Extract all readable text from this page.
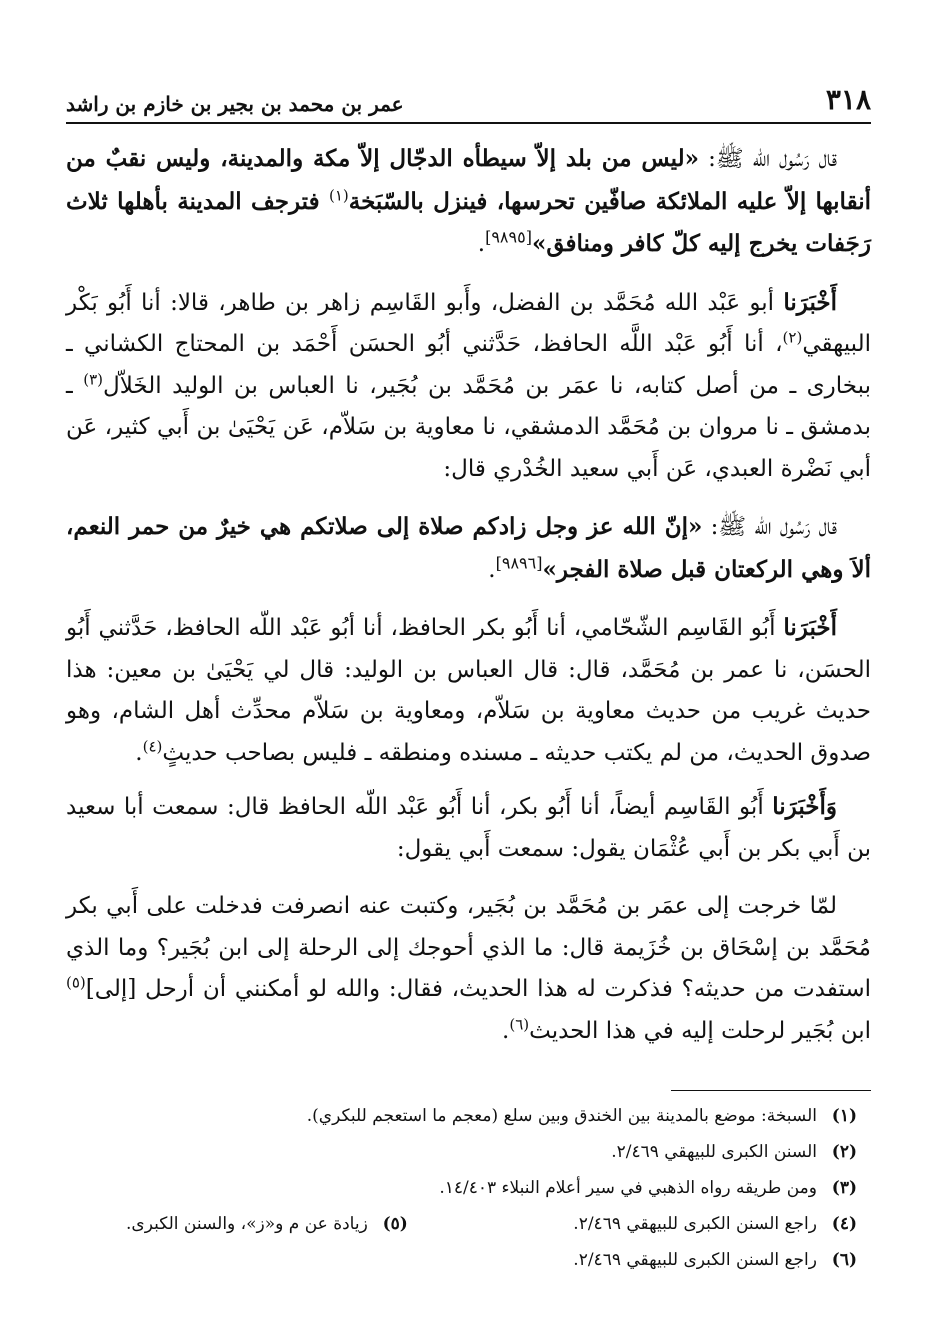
٣١٨
عمر بن محمد بن بجير بن خازم بن راشد

قال رَسُول الله ﷺ: «ليس من بلد إلاّ سيطأه الدجّال إلاّ مكة والمدينة، وليس نقبٌ من أنقابها إلاّ عليه الملائكة صافّين تحرسها، فينزل بالسّبَخة$^{(١)}$ فترجف المدينة بأهلها ثلاث رَجَفات يخرج إليه كلّ كافر ومنافق»[٩٨٩٥].

أَخْبَرَنا أبو عَبْد الله مُحَمَّد بن الفضل، وأَبو القَاسِم زاهر بن طاهر، قالا: أنا أَبُو بَكْر البيهقي$^{(٢)}$، أنا أَبُو عَبْد اللَّه الحافظ، حَدَّثني أبُو الحسَن أَحْمَد بن المحتاج الكشاني ـ ببخارى ـ من أصل كتابه، نا عمَر بن مُحَمَّد بن بُجَير، نا العباس بن الوليد الخَلاّل$^{(٣)}$ ـ بدمشق ـ نا مروان بن مُحَمَّد الدمشقي، نا معاوية بن سَلاّم، عَن يَحْيَىٰ بن أَبي كثير، عَن أبي نَضْرة العبدي، عَن أَبي سعيد الخُدْري قال:

قال رَسُول الله ﷺ: «إنّ الله عز وجل زادكم صلاة إلى صلاتكم هي خيرٌ من حمر النعم، ألاَ وهي الركعتان قبل صلاة الفجر»[٩٨٩٦].

أَخْبَرَنا أَبُو القَاسِم الشّحّامي، أنا أَبُو بكر الحافظ، أنا أبُو عَبْد اللّه الحافظ، حَدَّثني أَبُو الحسَن، نا عمر بن مُحَمَّد، قال: قال العباس بن الوليد: قال لي يَحْيَىٰ بن معين: هذا حديث غريب من حديث معاوية بن سَلاّم، ومعاوية بن سَلاّم محدِّث أهل الشام، وهو صدوق الحديث، من لم يكتب حديثه ـ مسنده ومنطقه ـ فليس بصاحب حديثٍ$^{(٤)}$.

وَأَخْبَرَنا أَبُو القَاسِم أيضاً، أنا أَبُو بكر، أنا أَبُو عَبْد اللّه الحافظ قال: سمعت أبا سعيد بن أَبي بكر بن أَبي عُثْمَان يقول: سمعت أَبي يقول:

لمّا خرجت إلى عمَر بن مُحَمَّد بن بُجَير، وكتبت عنه انصرفت فدخلت على أَبي بكر مُحَمَّد بن إسْحَاق بن خُزَيمة قال: ما الذي أحوجك إلى الرحلة إلى ابن بُجَير؟ وما الذي استفدت من حديثه؟ فذكرت له هذا الحديث، فقال: والله لو أمكنني أن أرحل [إلى]$^{(٥)}$ ابن بُجَير لرحلت إليه في هذا الحديث$^{(٦)}$.

(١)
السبخة: موضع بالمدينة بين الخندق وبين سلع (معجم ما استعجم للبكري).
(٢)
السنن الكبرى للبيهقي ٢/٤٦٩.
(٣)
ومن طريقه رواه الذهبي في سير أعلام النبلاء ١٤/٤٠٣.
(٤)
راجع السنن الكبرى للبيهقي ٢/٤٦٩.
(٥)
زيادة عن م و«ز»، والسنن الكبرى.
(٦)
راجع السنن الكبرى للبيهقي ٢/٤٦٩.
